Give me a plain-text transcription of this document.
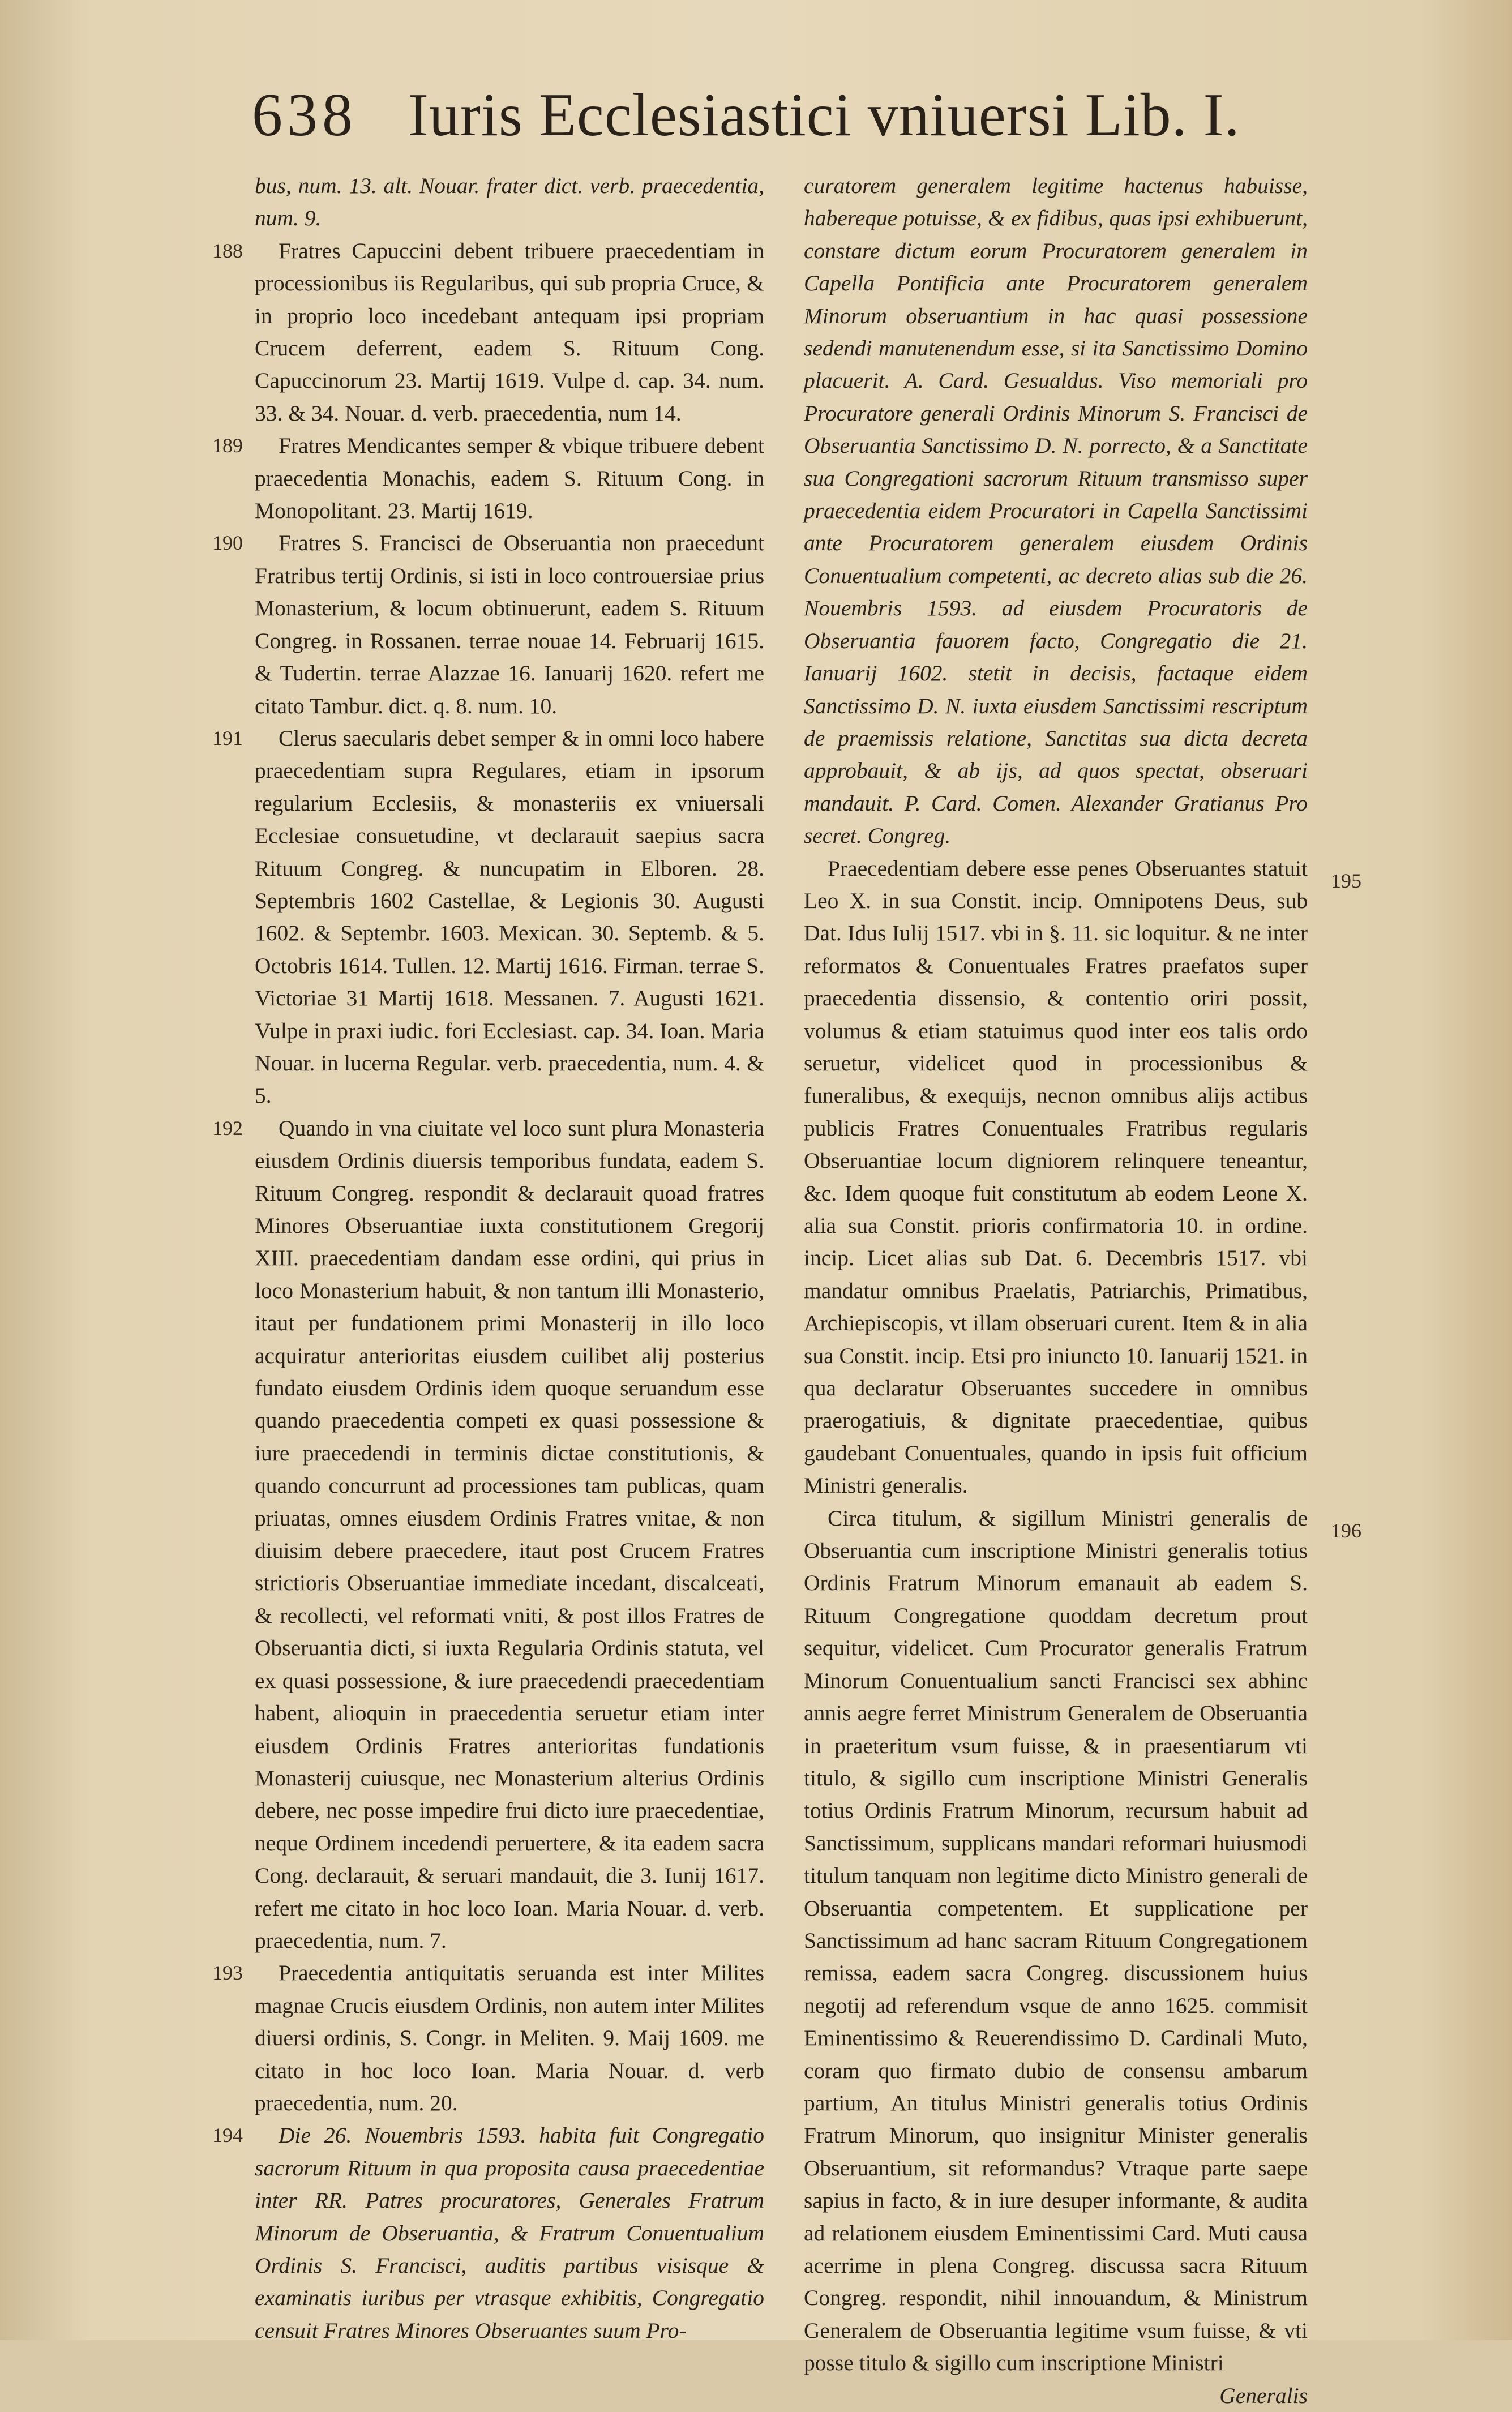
638 Iuris Ecclesiastici vniuersi Lib. I.

bus, num. 13. alt. Nouar. frater dict. verb. praecedentia, num. 9.

188	Fratres Capuccini debent tribuere praecedentiam in processionibus iis Regularibus, qui sub propria Cruce, & in proprio loco incedebant antequam ipsi propriam Crucem deferrent, eadem S. Rituum Cong. Capuccinorum 23. Martij 1619. Vulpe d. cap. 34. num. 33. & 34. Nouar. d. verb. praecedentia, num 14.

189	Fratres Mendicantes semper & vbique tribuere debent praecedentia Monachis, eadem S. Rituum Cong. in Monopolitant. 23. Martij 1619.

190	Fratres S. Francisci de Obseruantia non praecedunt Fratribus tertij Ordinis, si isti in loco controuersiae prius Monasterium, & locum obtinuerunt, eadem S. Rituum Congreg. in Rossanen. terrae nouae 14. Februarij 1615. & Tudertin. terrae Alazzae 16. Ianuarij 1620. refert me citato Tambur. dict. q. 8. num. 10.

191	Clerus saecularis debet semper & in omni loco habere praecedentiam supra Regulares, etiam in ipsorum regularium Ecclesiis, & monasteriis ex vniuersali Ecclesiae consuetudine, vt declarauit saepius sacra Rituum Congreg. & nuncupatim in Elboren. 28. Septembris 1602 Castellae, & Legionis 30. Augusti 1602. & Septembr. 1603. Mexican. 30. Septemb. & 5. Octobris 1614. Tullen. 12. Martij 1616. Firman. terrae S. Victoriae 31 Martij 1618. Messanen. 7. Augusti 1621. Vulpe in praxi iudic. fori Ecclesiast. cap. 34. Ioan. Maria Nouar. in lucerna Regular. verb. praecedentia, num. 4. & 5.

192	Quando in vna ciuitate vel loco sunt plura Monasteria eiusdem Ordinis diuersis temporibus fundata, eadem S. Rituum Congreg. respondit & declarauit quoad fratres Minores Obseruantiae iuxta constitutionem Gregorij XIII. praecedentiam dandam esse ordini, qui prius in loco Monasterium habuit, & non tantum illi Monasterio, itaut per fundationem primi Monasterij in illo loco acquiratur anterioritas eiusdem cuilibet alij posterius fundato eiusdem Ordinis idem quoque seruandum esse quando praecedentia competi ex quasi possessione & iure praecedendi in terminis dictae constitutionis, & quando concurrunt ad processiones tam publicas, quam priuatas, omnes eiusdem Ordinis Fratres vnitae, & non diuisim debere praecedere, itaut post Crucem Fratres strictioris Obseruantiae immediate incedant, discalceati, & recollecti, vel reformati vniti, & post illos Fratres de Obseruantia dicti, si iuxta Regularia Ordinis statuta, vel ex quasi possessione, & iure praecedendi praecedentiam habent, alioquin in praecedentia seruetur etiam inter eiusdem Ordinis Fratres anterioritas fundationis Monasterij cuiusque, nec Monasterium alterius Ordinis debere, nec posse impedire frui dicto iure praecedentiae, neque Ordinem incedendi peruertere, & ita eadem sacra Cong. declarauit, & seruari mandauit, die 3. Iunij 1617. refert me citato in hoc loco Ioan. Maria Nouar. d. verb. praecedentia, num. 7.

193	Praecedentia antiquitatis seruanda est inter Milites magnae Crucis eiusdem Ordinis, non autem inter Milites diuersi ordinis, S. Congr. in Meliten. 9. Maij 1609. me citato in hoc loco Ioan. Maria Nouar. d. verb praecedentia, num. 20.

194	Die 26. Nouembris 1593. habita fuit Congregatio sacrorum Rituum in qua proposita causa praecedentiae inter RR. Patres procuratores, Generales Fratrum Minorum de Obseruantia, & Fratrum Conuentualium Ordinis S. Francisci, auditis partibus visisque & examinatis iuribus per vtrasque exhibitis, Congregatio censuit Fratres Minores Obseruantes suum Pro-

curatorem generalem legitime hactenus habuisse, habereque potuisse, & ex fidibus, quas ipsi exhibuerunt, constare dictum eorum Procuratorem generalem in Capella Pontificia ante Procuratorem generalem Minorum obseruantium in hac quasi possessione sedendi manutenendum esse, si ita Sanctissimo Domino placuerit. A. Card. Gesualdus. Viso memoriali pro Procuratore generali Ordinis Minorum S. Francisci de Obseruantia Sanctissimo D. N. porrecto, & a Sanctitate sua Congregationi sacrorum Rituum transmisso super praecedentia eidem Procuratori in Capella Sanctissimi ante Procuratorem generalem eiusdem Ordinis Conuentualium competenti, ac decreto alias sub die 26. Nouembris 1593. ad eiusdem Procuratoris de Obseruantia fauorem facto, Congregatio die 21. Ianuarij 1602. stetit in decisis, factaque eidem Sanctissimo D. N. iuxta eiusdem Sanctissimi rescriptum de praemissis relatione, Sanctitas sua dicta decreta approbauit, & ab ijs, ad quos spectat, obseruari mandauit. P. Card. Comen. Alexander Gratianus Pro secret. Congreg.

195

Praecedentiam debere esse penes Obseruantes statuit Leo X. in sua Constit. incip. Omnipotens Deus, sub Dat. Idus Iulij 1517. vbi in §. 11. sic loquitur. & ne inter reformatos & Conuentuales Fratres praefatos super praecedentia dissensio, & contentio oriri possit, volumus & etiam statuimus quod inter eos talis ordo seruetur, videlicet quod in processionibus & funeralibus, & exequijs, necnon omnibus alijs actibus publicis Fratres Conuentuales Fratribus regularis Obseruantiae locum digniorem relinquere teneantur, &c. Idem quoque fuit constitutum ab eodem Leone X. alia sua Constit. prioris confirmatoria 10. in ordine. incip. Licet alias sub Dat. 6. Decembris 1517. vbi mandatur omnibus Praelatis, Patriarchis, Primatibus, Archiepiscopis, vt illam obseruari curent. Item & in alia sua Constit. incip. Etsi pro iniuncto 10. Ianuarij 1521. in qua declaratur Obseruantes succedere in omnibus praerogatiuis, & dignitate praecedentiae, quibus gaudebant Conuentuales, quando in ipsis fuit officium Ministri generalis.

196

Circa titulum, & sigillum Ministri generalis de Obseruantia cum inscriptione Ministri generalis totius Ordinis Fratrum Minorum emanauit ab eadem S. Rituum Congregatione quoddam decretum prout sequitur, videlicet. Cum Procurator generalis Fratrum Minorum Conuentualium sancti Francisci sex abhinc annis aegre ferret Ministrum Generalem de Obseruantia in praeteritum vsum fuisse, & in praesentiarum vti titulo, & sigillo cum inscriptione Ministri Generalis totius Ordinis Fratrum Minorum, recursum habuit ad Sanctissimum, supplicans mandari reformari huiusmodi titulum tanquam non legitime dicto Ministro generali de Obseruantia competentem. Et supplicatione per Sanctissimum ad hanc sacram Rituum Congregationem remissa, eadem sacra Congreg. discussionem huius negotij ad referendum vsque de anno 1625. commisit Eminentissimo & Reuerendissimo D. Cardinali Muto, coram quo firmato dubio de consensu ambarum partium, An titulus Ministri generalis totius Ordinis Fratrum Minorum, quo insignitur Minister generalis Obseruantium, sit reformandus? Vtraque parte saepe sapius in facto, & in iure desuper informante, & audita ad relationem eiusdem Eminentissimi Card. Muti causa acerrime in plena Congreg. discussa sacra Rituum Congreg. respondit, nihil innouandum, & Ministrum Generalem de Obseruantia legitime vsum fuisse, & vti posse titulo & sigillo cum inscriptione Ministri

Generalis
